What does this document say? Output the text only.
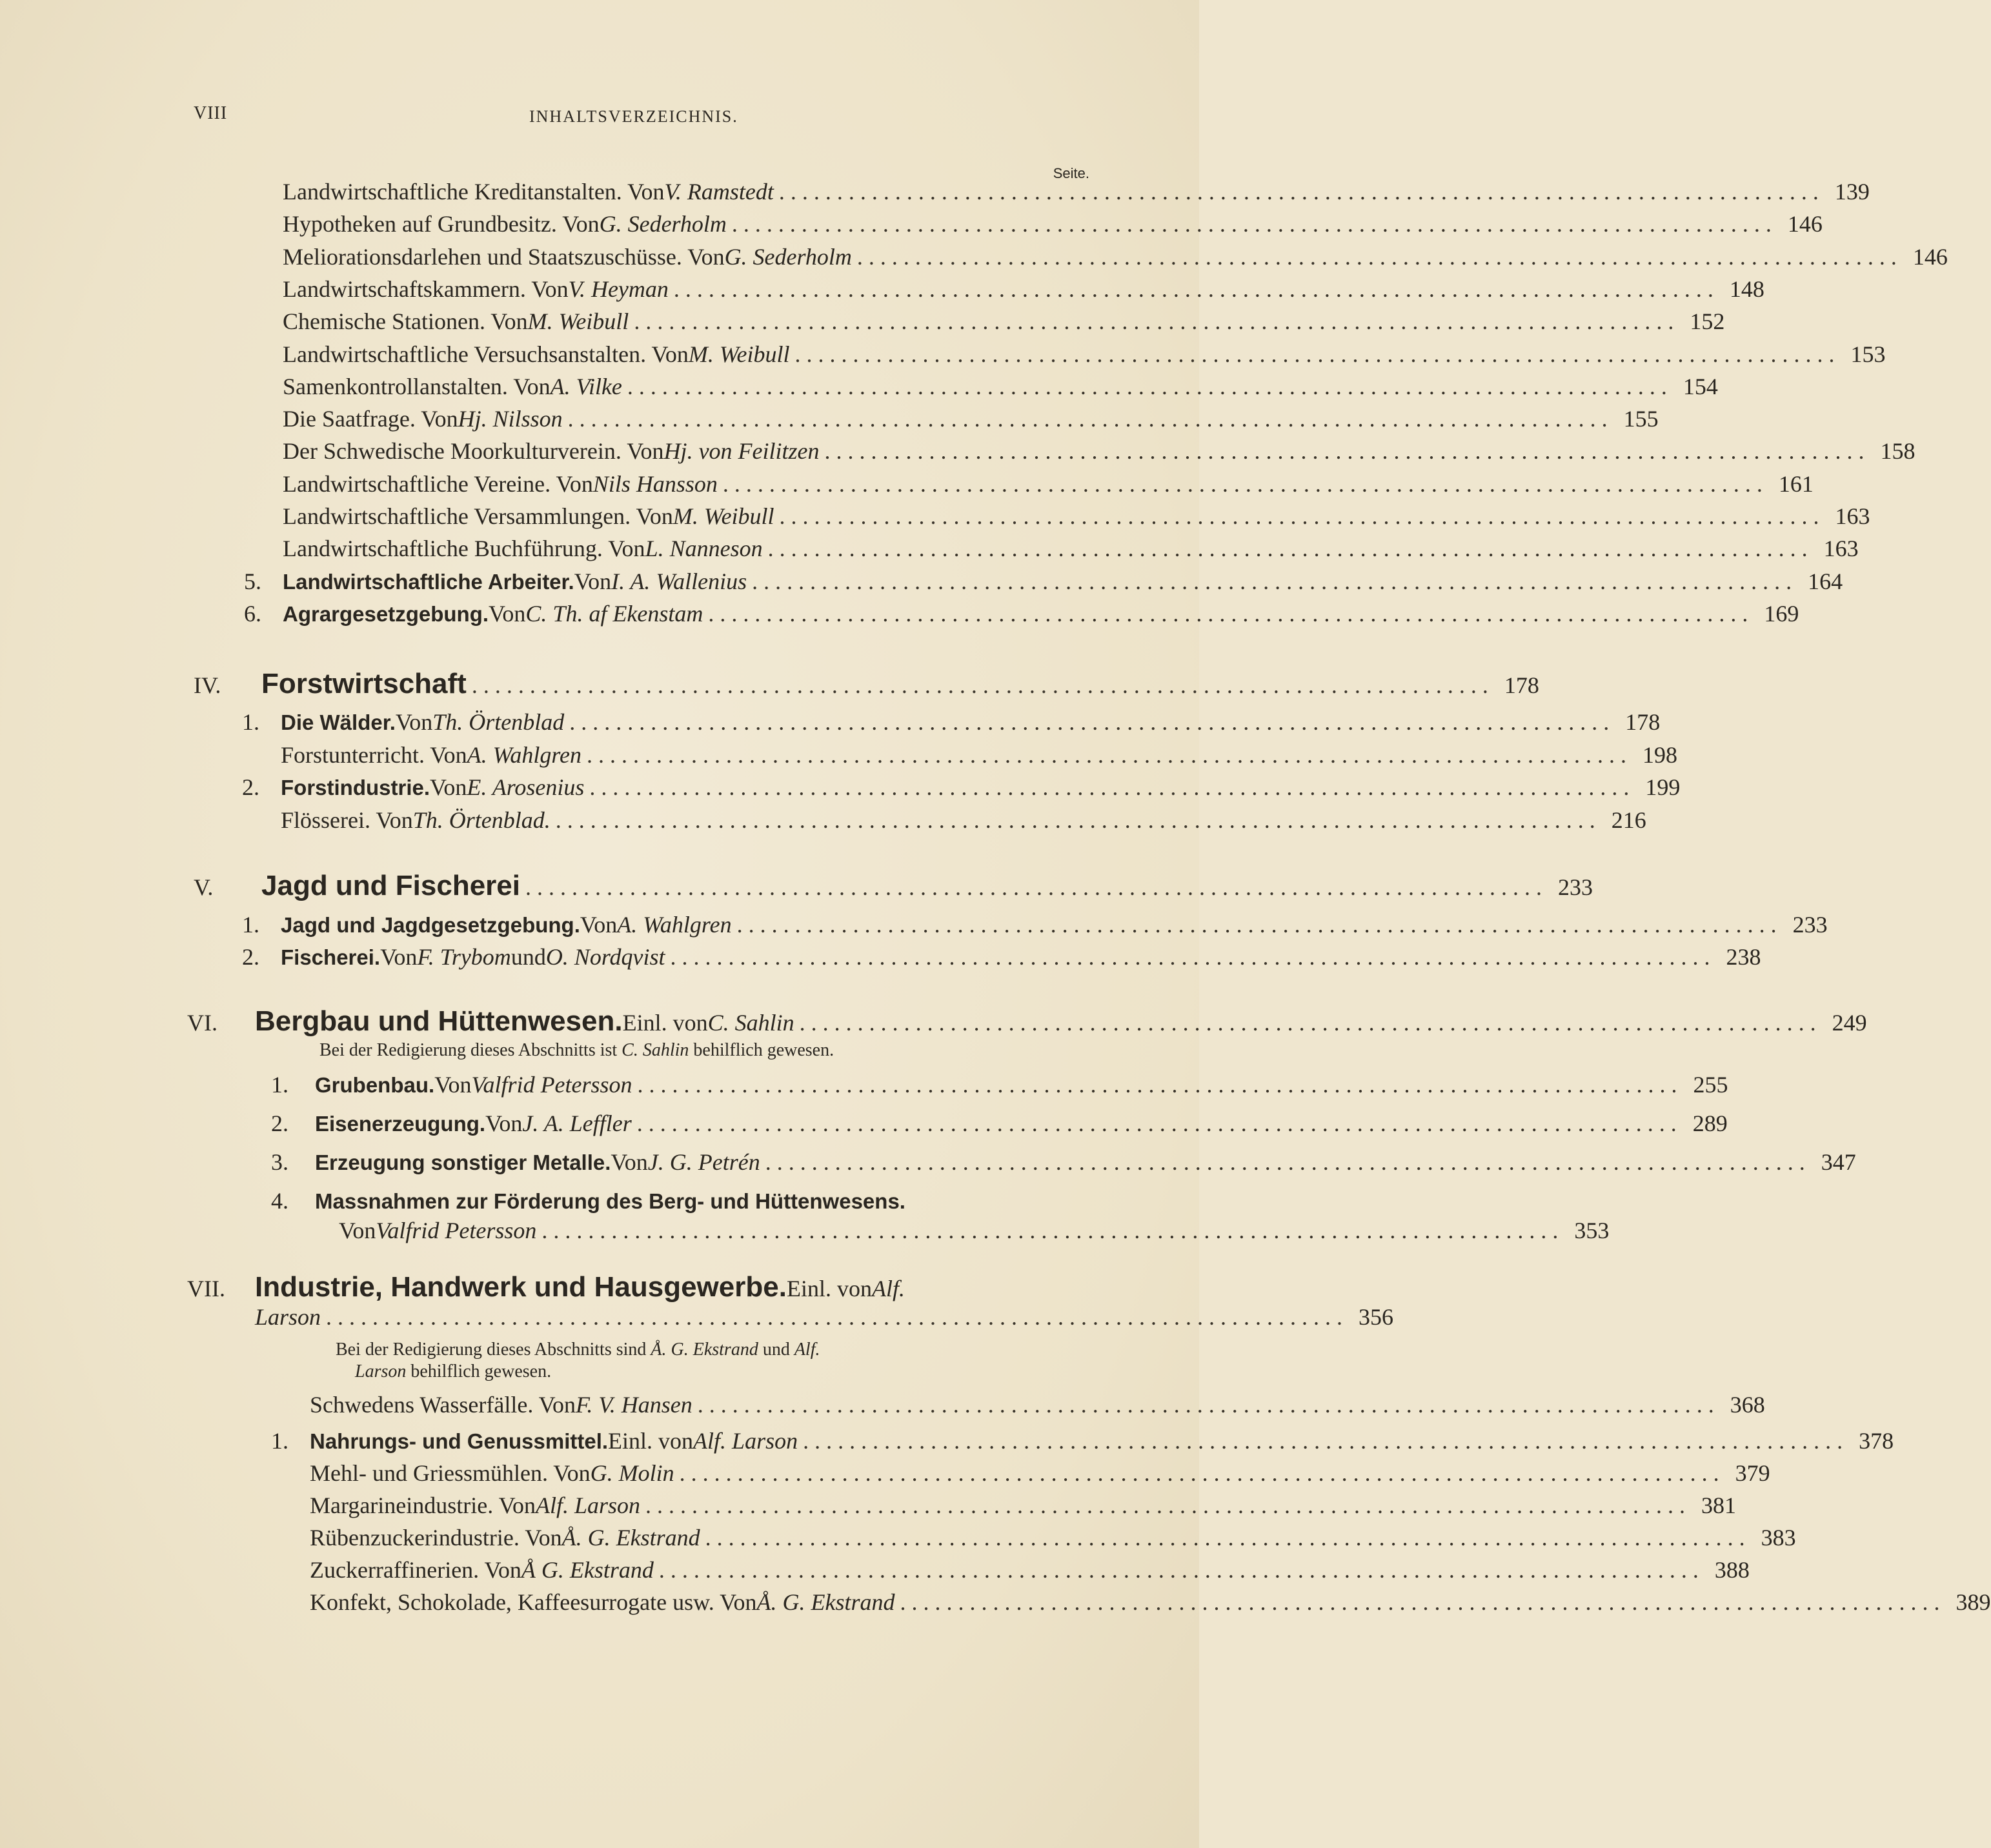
VIII	INHALTSVERZEICHNIS.
Seite.
Landwirtschaftliche Kreditanstalten. Von V. Ramstedt .......................................................................................... 139
Hypotheken auf Grundbesitz. Von G. Sederholm .......................................................................................... 146
Meliorationsdarlehen und Staatszuschüsse. Von G. Sederholm .......................................................................................... 146
Landwirtschaftskammern. Von V. Heyman .......................................................................................... 148
Chemische Stationen. Von M. Weibull .......................................................................................... 152
Landwirtschaftliche Versuchsanstalten. Von M. Weibull .......................................................................................... 153
Samenkontrollanstalten. Von A. Vilke .......................................................................................... 154
Die Saatfrage. Von Hj. Nilsson .......................................................................................... 155
Der Schwedische Moorkulturverein. Von Hj. von Feilitzen .......................................................................................... 158
Landwirtschaftliche Vereine. Von Nils Hansson .......................................................................................... 161
Landwirtschaftliche Versammlungen. Von M. Weibull .......................................................................................... 163
Landwirtschaftliche Buchführung. Von L. Nanneson .......................................................................................... 163
5.	Landwirtschaftliche Arbeiter. Von I. A. Wallenius .......................................................................................... 164
6.	Agrargesetzgebung. Von C. Th. af Ekenstam .......................................................................................... 169
IV.	Forstwirtschaft ........................................................................................ 178
1.	Die Wälder. Von Th. Örtenblad .......................................................................................... 178
Forstunterricht. Von A. Wahlgren .......................................................................................... 198
2.	Forstindustrie. Von E. Arosenius .......................................................................................... 199
Flösserei. Von Th. Örtenblad. .......................................................................................... 216
V.	Jagd und Fischerei ........................................................................................ 233
1.	Jagd und Jagdgesetzgebung. Von A. Wahlgren .......................................................................................... 233
2.	Fischerei. Von F. Trybom und O. Nordqvist .......................................................................................... 238
VI.	Bergbau und Hüttenwesen. Einl. von C. Sahlin ........................................................................................ 249
Bei der Redigierung dieses Abschnitts ist C. Sahlin behilflich gewesen.
1.	Grubenbau. Von Valfrid Petersson .......................................................................................... 255
2.	Eisenerzeugung. Von J. A. Leffler .......................................................................................... 289
3.	Erzeugung sonstiger Metalle. Von J. G. Petrén .......................................................................................... 347
4.	Massnahmen zur Förderung des Berg- und Hüttenwesens.
Von Valfrid Petersson ........................................................................................ 353
VII.	Industrie, Handwerk und Hausgewerbe. Einl. von Alf.
Larson ........................................................................................ 356
Bei der Redigierung dieses Abschnitts sind Å. G. Ekstrand und Alf.
Larson behilflich gewesen.
Schwedens Wasserfälle. Von F. V. Hansen ........................................................................................ 368
1.	Nahrungs- und Genussmittel. Einl. von Alf. Larson .......................................................................................... 378
Mehl- und Griessmühlen. Von G. Molin .......................................................................................... 379
Margarineindustrie. Von Alf. Larson .......................................................................................... 381
Rübenzuckerindustrie. Von Å. G. Ekstrand .......................................................................................... 383
Zuckerraffinerien. Von Å G. Ekstrand .......................................................................................... 388
Konfekt, Schokolade, Kaffeesurrogate usw. Von Å. G. Ekstrand .......................................................................................... 389
